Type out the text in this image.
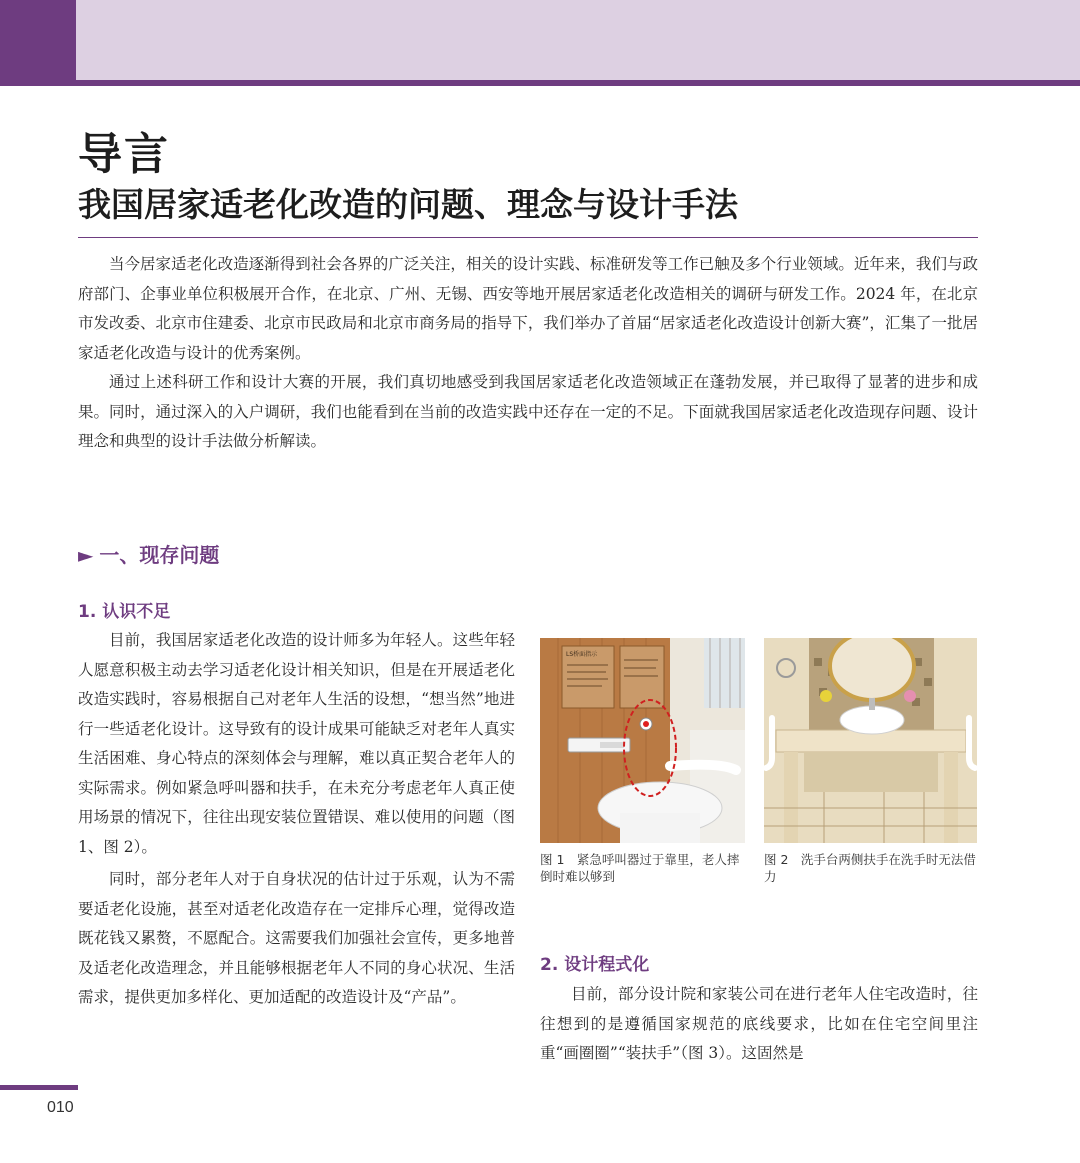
导言
我国居家适老化改造的问题、理念与设计手法

当今居家适老化改造逐渐得到社会各界的广泛关注，相关的设计实践、标准研发等工作已触及多个行业领域。近年来，我们与政府部门、企事业单位积极展开合作，在北京、广州、无锡、西安等地开展居家适老化改造相关的调研与研发工作。2024 年，在北京市发改委、北京市住建委、北京市民政局和北京市商务局的指导下，我们举办了首届“居家适老化改造设计创新大赛”，汇集了一批居家适老化改造与设计的优秀案例。

通过上述科研工作和设计大赛的开展，我们真切地感受到我国居家适老化改造领域正在蓬勃发展，并已取得了显著的进步和成果。同时，通过深入的入户调研，我们也能看到在当前的改造实践中还存在一定的不足。下面就我国居家适老化改造现存问题、设计理念和典型的设计手法做分析解读。

► 一、现存问题
1. 认识不足

目前，我国居家适老化改造的设计师多为年轻人。这些年轻人愿意积极主动去学习适老化设计相关知识，但是在开展适老化改造实践时，容易根据自己对老年人生活的设想，“想当然”地进行一些适老化设计。这导致有的设计成果可能缺乏对老年人真实生活困难、身心特点的深刻体会与理解，难以真正契合老年人的实际需求。例如紧急呼叫器和扶手，在未充分考虑老年人真正使用场景的情况下，往往出现安装位置错误、难以使用的问题（图 1、图 2）。

同时，部分老年人对于自身状况的估计过于乐观，认为不需要适老化设施，甚至对适老化改造存在一定排斥心理，觉得改造既花钱又累赘，不愿配合。这需要我们加强社会宣传，更多地普及适老化改造理念，并且能够根据老年人不同的身心状况、生活需求，提供更加多样化、更加适配的改造设计及“产品”。

LS桥面指示

图 1　紧急呼叫器过于靠里，老人摔倒时难以够到

图 2　洗手台两侧扶手在洗手时无法借力

2. 设计程式化

目前，部分设计院和家装公司在进行老年人住宅改造时，往往想到的是遵循国家规范的底线要求，比如在住宅空间里注重“画圈圈”“装扶手”（图 3）。这固然是

010
